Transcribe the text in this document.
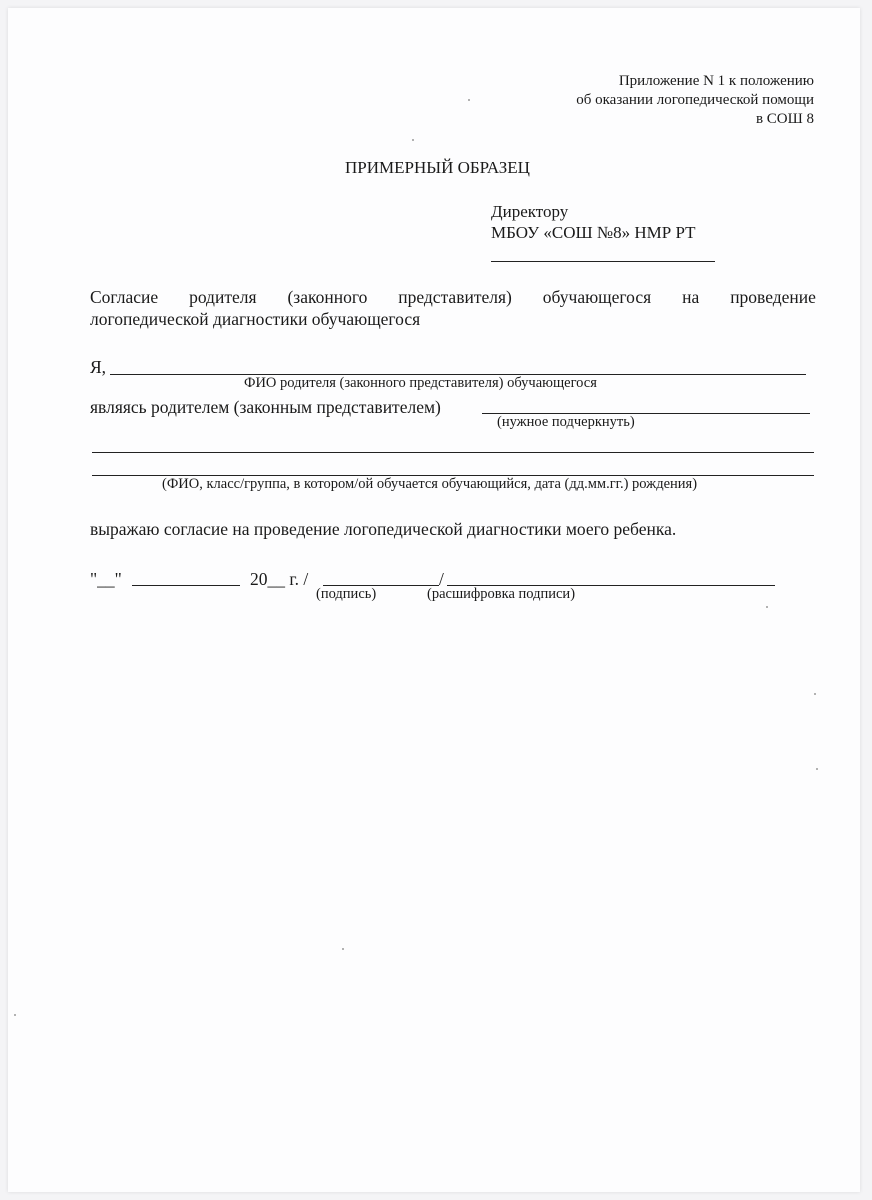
Приложение N 1 к положению
об оказании логопедической помощи
в СОШ 8
ПРИМЕРНЫЙ ОБРАЗЕЦ
Директору
МБОУ «СОШ №8» НМР РТ
Согласие родителя (законного представителя) обучающегося на проведение
логопедической диагностики обучающегося
Я,
ФИО родителя (законного представителя) обучающегося
являясь родителем (законным представителем)
(нужное подчеркнуть)
(ФИО, класс/группа, в котором/ой обучается обучающийся, дата (дд.мм.гг.) рождения)
выражаю согласие на проведение логопедической диагностики моего ребенка.
"__"	20__ г. /	/
(подпись)	(расшифровка подписи)
